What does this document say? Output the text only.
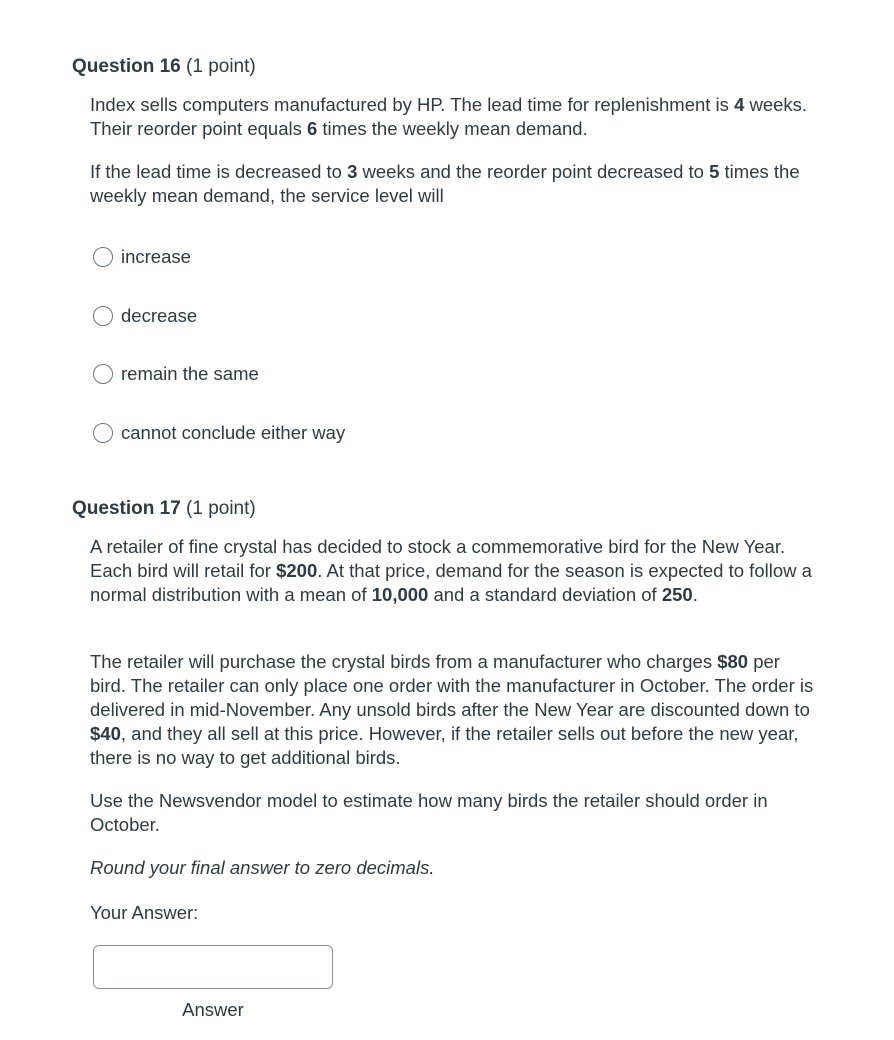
Question 16 (1 point)

Index sells computers manufactured by HP. The lead time for replenishment is 4 weeks. Their reorder point equals 6 times the weekly mean demand.

If the lead time is decreased to 3 weeks and the reorder point decreased to 5 times the weekly mean demand, the service level will

increase
decrease
remain the same
cannot conclude either way
Question 17 (1 point)

A retailer of fine crystal has decided to stock a commemorative bird for the New Year. Each bird will retail for $200. At that price, demand for the season is expected to follow a normal distribution with a mean of 10,000 and a standard deviation of 250.

The retailer will purchase the crystal birds from a manufacturer who charges $80 per bird. The retailer can only place one order with the manufacturer in October. The order is delivered in mid-November. Any unsold birds after the New Year are discounted down to $40, and they all sell at this price. However, if the retailer sells out before the new year, there is no way to get additional birds.

Use the Newsvendor model to estimate how many birds the retailer should order in October.

Round your final answer to zero decimals.

Your Answer:

Answer
